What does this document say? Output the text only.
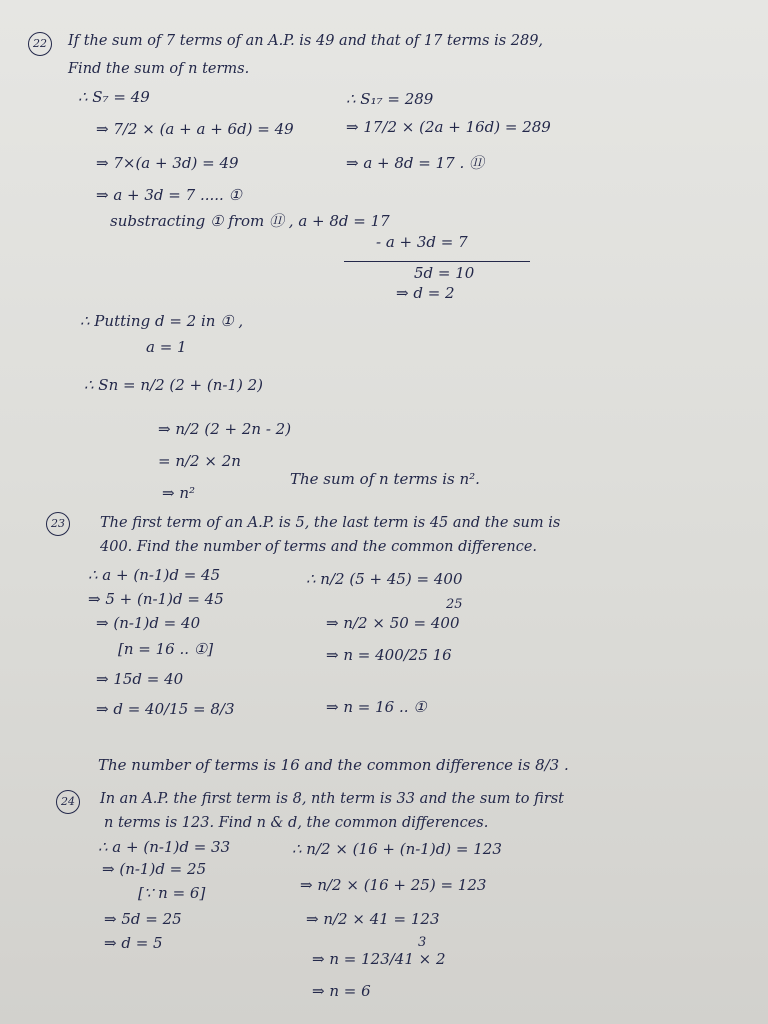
22	If the sum of 7 terms of an A.P. is 49 and that of 17 terms is 289,
Find the sum of n terms.
∴ S₇ = 49
⇒ 7/2 × (a + a + 6d) = 49
⇒ 7×(a + 3d) = 49
⇒ a + 3d = 7 ..... ①
∴ S₁₇ = 289
⇒ 17/2 × (2a + 16d) = 289
⇒ a + 8d = 17 . ⑪
substracting ① from ⑪ , a + 8d = 17
- a + 3d = 7
5d = 10
⇒ d = 2
∴ Putting d = 2 in ① ,
a = 1
∴ Sn = n/2 (2 + (n-1) 2)
⇒ n/2 (2 + 2n - 2)
= n/2 × 2n
⇒ n²
The sum of n terms is n².
23	The first term of an A.P. is 5, the last term is 45 and the sum is
400. Find the number of terms and the common difference.
∴ a + (n-1)d = 45
⇒ 5 + (n-1)d = 45
⇒ (n-1)d = 40
[n = 16 .. ①]
⇒ 15d = 40
⇒ d = 40/15 = 8/3
∴ n/2 (5 + 45) = 400
25
⇒ n/2 × 50 = 400
⇒ n = 400/25 16
⇒ n = 16 .. ①
The number of terms is 16 and the common difference is 8/3 .
24	In an A.P. the first term is 8, nth term is 33 and the sum to first
n terms is 123. Find n & d, the common differences.
∴ a + (n-1)d = 33
⇒ (n-1)d = 25
[∵ n = 6]
⇒ 5d = 25
⇒ d = 5
∴ n/2 × (16 + (n-1)d) = 123
⇒ n/2 × (16 + 25) = 123
⇒ n/2 × 41 = 123
3
⇒ n = 123/41 × 2
⇒ n = 6
